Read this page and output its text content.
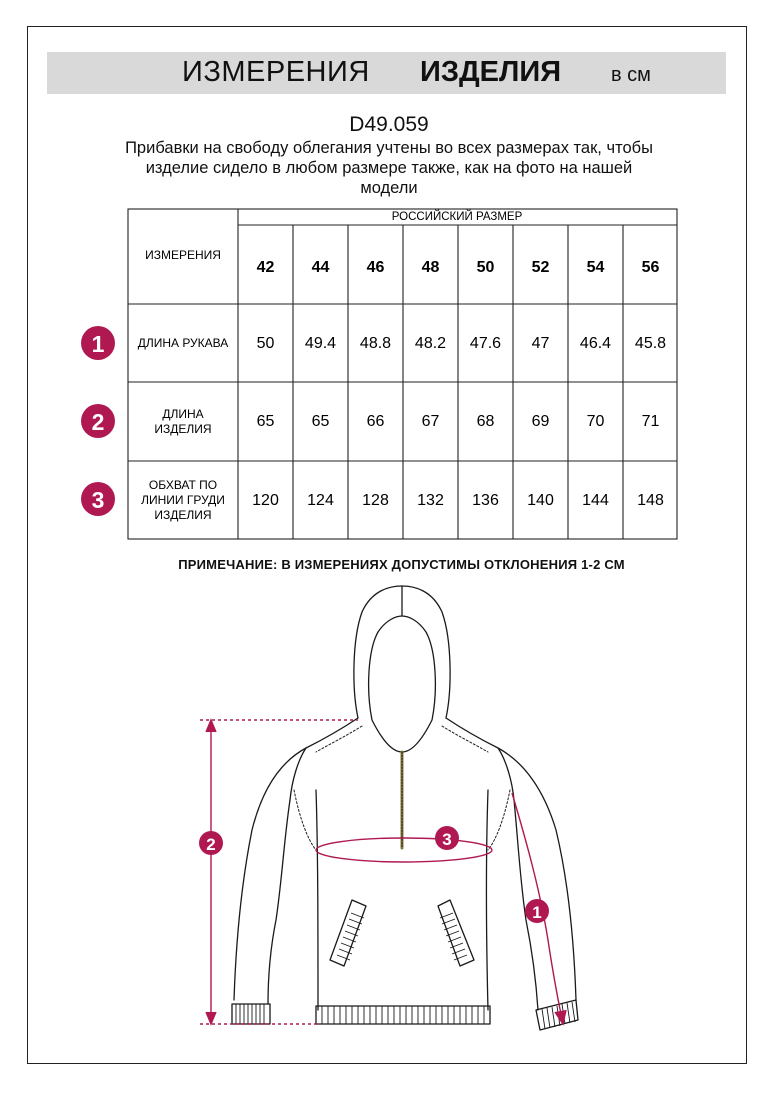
ИЗМЕРЕНИЯ ИЗДЕЛИЯ в см
D49.059
Прибавки на свободу облегания учтены во всех размерах так, чтобы
изделие сидело в любом размере также, как на фото на нашей
модели
ИЗМЕРЕНИЯ
РОССИЙСКИЙ РАЗМЕР
42 44 46 48 50 52 54 56
ДЛИНА РУКАВА
ДЛИНА
ИЗДЕЛИЯ
ОБХВАТ ПО
ЛИНИИ ГРУДИ
ИЗДЕЛИЯ
50 49.4 48.8 48.2 47.6 47 46.4 45.8
65 65 66 67 68 69 70 71
120 124 128 132 136 140 144 148
1
2
3
2	3
1
ПРИМЕЧАНИЕ: В ИЗМЕРЕНИЯХ ДОПУСТИМЫ ОТКЛОНЕНИЯ 1-2 СМ
